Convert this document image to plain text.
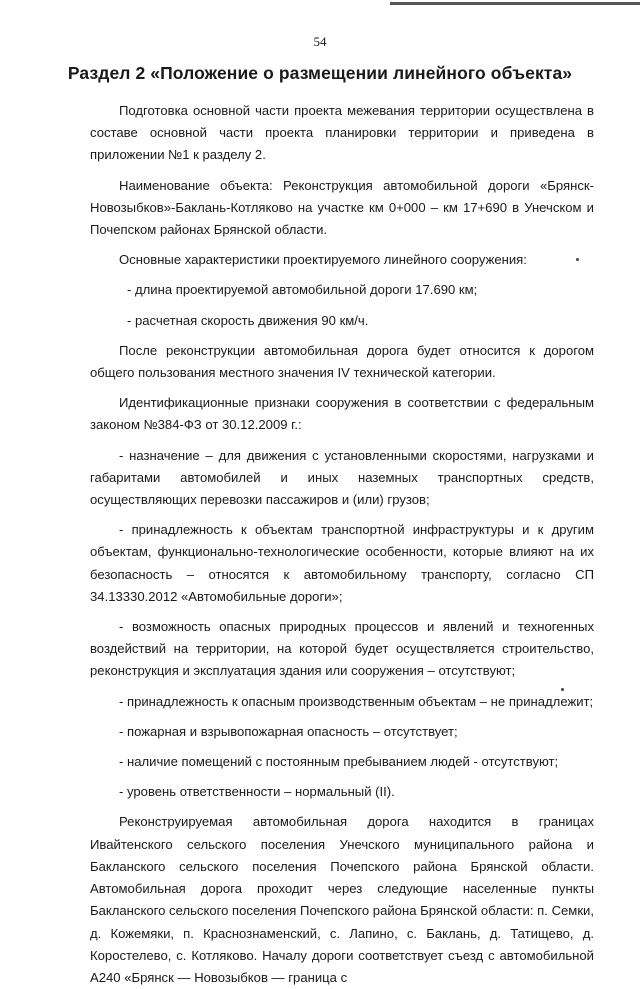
54
Раздел 2 «Положение о размещении линейного объекта»

Подготовка основной части проекта межевания территории осуществлена в составе основной части проекта планировки территории и приведена в приложении №1 к разделу 2.

Наименование объекта: Реконструкция автомобильной дороги «Брянск-Новозыбков»-Баклань-Котляково на участке км 0+000 – км 17+690 в Унечском и Почепском районах Брянской области.

Основные характеристики проектируемого линейного сооружения:

- длина проектируемой автомобильной дороги 17.690 км;

- расчетная скорость движения 90 км/ч.

После реконструкции автомобильная дорога будет относится к дорогом общего пользования местного значения IV технической категории.

Идентификационные признаки сооружения в соответствии с федеральным законом №384-ФЗ от 30.12.2009 г.:

- назначение – для движения с установленными скоростями, нагрузками и габаритами автомобилей и иных наземных транспортных средств, осуществляющих перевозки пассажиров и (или) грузов;

- принадлежность к объектам транспортной инфраструктуры и к другим объектам, функционально-технологические особенности, которые влияют на их безопасность – относятся к автомобильному транспорту, согласно СП 34.13330.2012 «Автомобильные дороги»;

- возможность опасных природных процессов и явлений и техногенных воздействий на территории, на которой будет осуществляется строительство, реконструкция и эксплуатация здания или сооружения – отсутствуют;

- принадлежность к опасным производственным объектам – не принадлежит;

- пожарная и взрывопожарная опасность – отсутствует;

- наличие помещений с постоянным пребыванием людей - отсутствуют;

- уровень ответственности – нормальный (II).

Реконструируемая автомобильная дорога находится в границах Ивайтенского сельского поселения Унечского муниципального района и Бакланского сельского поселения Почепского района Брянской области. Автомобильная дорога проходит через следующие населенные пункты Бакланского сельского поселения Почепского района Брянской области: п. Семки, д. Кожемяки, п. Краснознаменский, с. Лапино, с. Баклань, д. Татищево, д. Коростелево, с. Котляково. Началу дороги соответствует съезд с автомобильной А240 «Брянск — Новозыбков — граница с
